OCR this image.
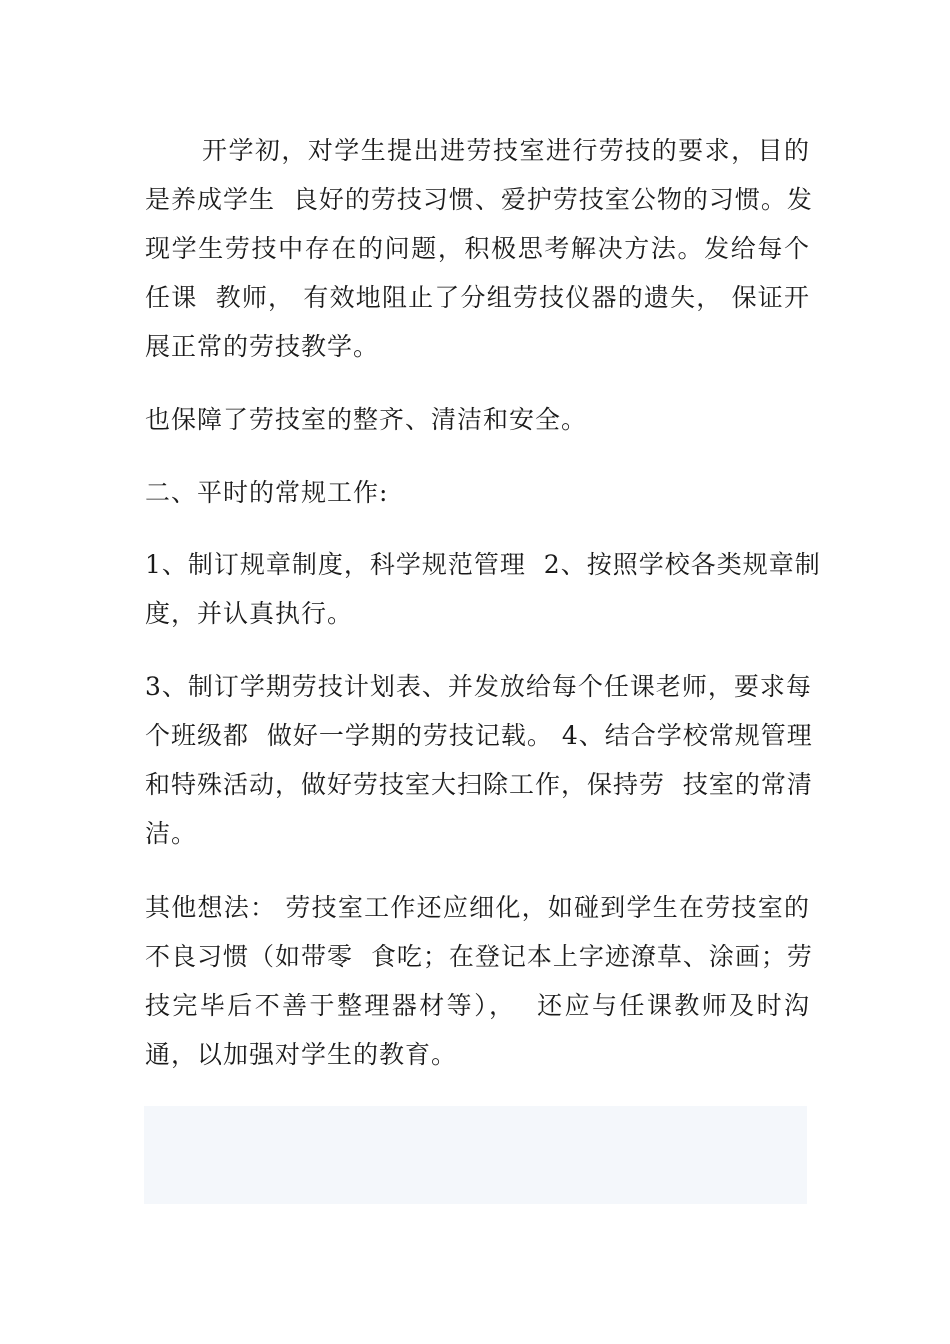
开学初，对学生提出进劳技室进行劳技的要求，目的
是养成学生  良好的劳技习惯、爱护劳技室公物的习惯。发
现学生劳技中存在的问题，积极思考解决方法。发给每个
任课  教师， 有效地阻止了分组劳技仪器的遗失， 保证开
展正常的劳技教学。
也保障了劳技室的整齐、清洁和安全。
二、平时的常规工作:
1、制订规章制度，科学规范管理  2、按照学校各类规章制
度，并认真执行。
3、制订学期劳技计划表、并发放给每个任课老师，要求每
个班级都  做好一学期的劳技记载。 4、结合学校常规管理
和特殊活动，做好劳技室大扫除工作，保持劳  技室的常清
洁。
其他想法： 劳技室工作还应细化，如碰到学生在劳技室的
不良习惯（如带零  食吃；在登记本上字迹潦草、涂画；劳
技完毕后不善于整理器材等），  还应与任课教师及时沟
通，以加强对学生的教育。
